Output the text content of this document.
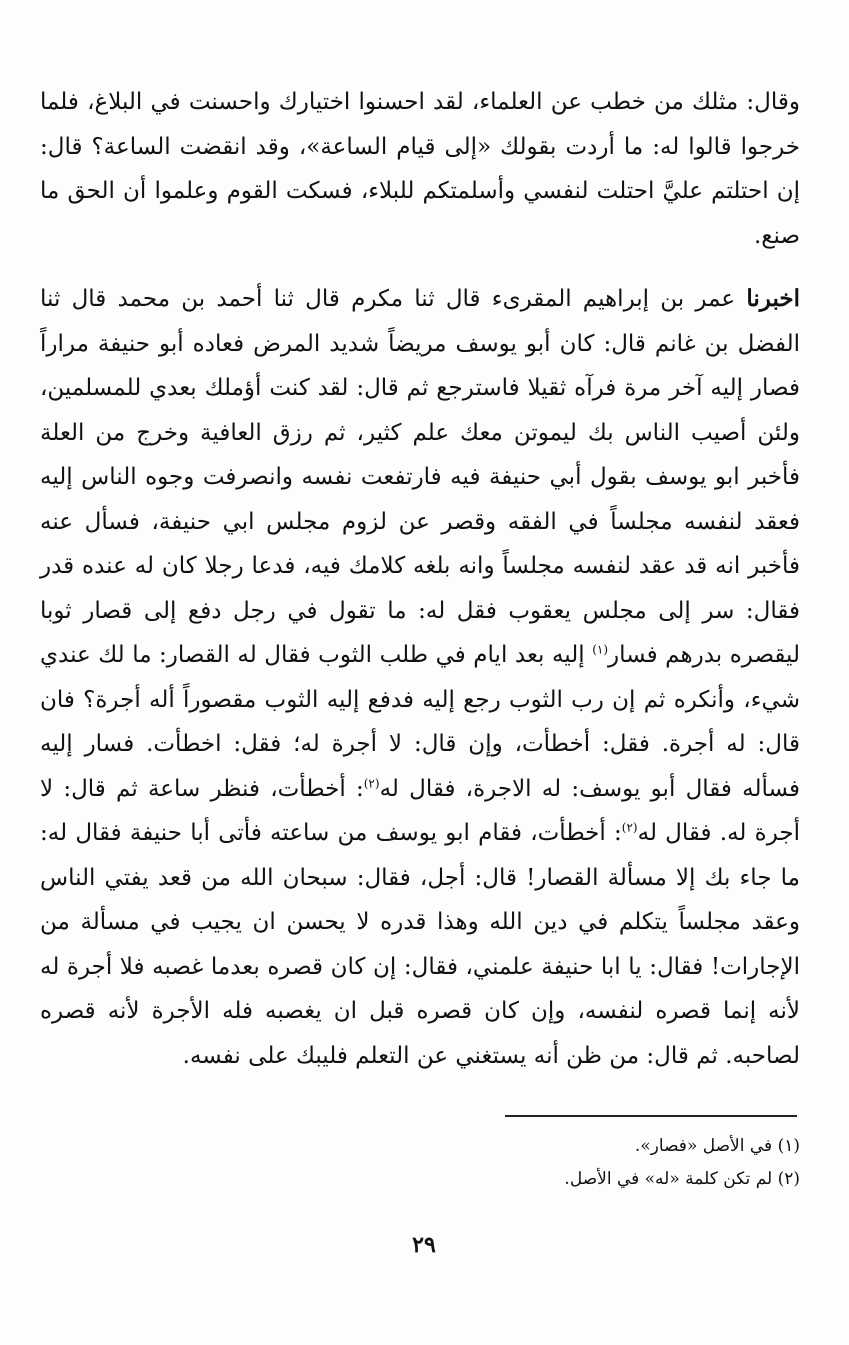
وقال: مثلك من خطب عن العلماء، لقد احسنوا اختيارك واحسنت في البلاغ، فلما خرجوا قالوا له: ما أردت بقولك «إلى قيام الساعة»، وقد انقضت الساعة؟ قال: إن احتلتم عليَّ احتلت لنفسي وأسلمتكم للبلاء، فسكت القوم وعلموا أن الحق ما صنع.

اخبرنا عمر بن إبراهيم المقرىء قال ثنا مكرم قال ثنا أحمد بن محمد قال ثنا الفضل بن غانم قال: كان أبو يوسف مريضاً شديد المرض فعاده أبو حنيفة مراراً فصار إليه آخر مرة فرآه ثقيلا فاسترجع ثم قال: لقد كنت أؤملك بعدي للمسلمين، ولئن أصيب الناس بك ليموتن معك علم كثير، ثم رزق العافية وخرج من العلة فأخبر ابو يوسف بقول أبي حنيفة فيه فارتفعت نفسه وانصرفت وجوه الناس إليه فعقد لنفسه مجلساً في الفقه وقصر عن لزوم مجلس ابي حنيفة، فسأل عنه فأخبر انه قد عقد لنفسه مجلساً وانه بلغه كلامك فيه، فدعا رجلا كان له عنده قدر فقال: سر إلى مجلس يعقوب فقل له: ما تقول في رجل دفع إلى قصار ثوبا ليقصره بدرهم فسار$^{(١)}$ إليه بعد ايام في طلب الثوب فقال له القصار: ما لك عندي شيء، وأنكره ثم إن رب الثوب رجع إليه فدفع إليه الثوب مقصوراً أله أجرة؟ فان قال: له أجرة. فقل: أخطأت، وإن قال: لا أجرة له؛ فقل: اخطأت. فسار إليه فسأله فقال أبو يوسف: له الاجرة، فقال له$^{(٢)}$: أخطأت، فنظر ساعة ثم قال: لا أجرة له. فقال له$^{(٢)}$: أخطأت، فقام ابو يوسف من ساعته فأتى أبا حنيفة فقال له: ما جاء بك إلا مسألة القصار! قال: أجل، فقال: سبحان الله من قعد يفتي الناس وعقد مجلساً يتكلم في دين الله وهذا قدره لا يحسن ان يجيب في مسألة من الإجارات! فقال: يا ابا حنيفة علمني، فقال: إن كان قصره بعدما غصبه فلا أجرة له لأنه إنما قصره لنفسه، وإن كان قصره قبل ان يغصبه فله الأجرة لأنه قصره لصاحبه. ثم قال: من ظن أنه يستغني عن التعلم فليبك على نفسه.

(١) في الأصل «فصار».

(٢) لم تكن كلمة «له» في الأصل.

٢٩
